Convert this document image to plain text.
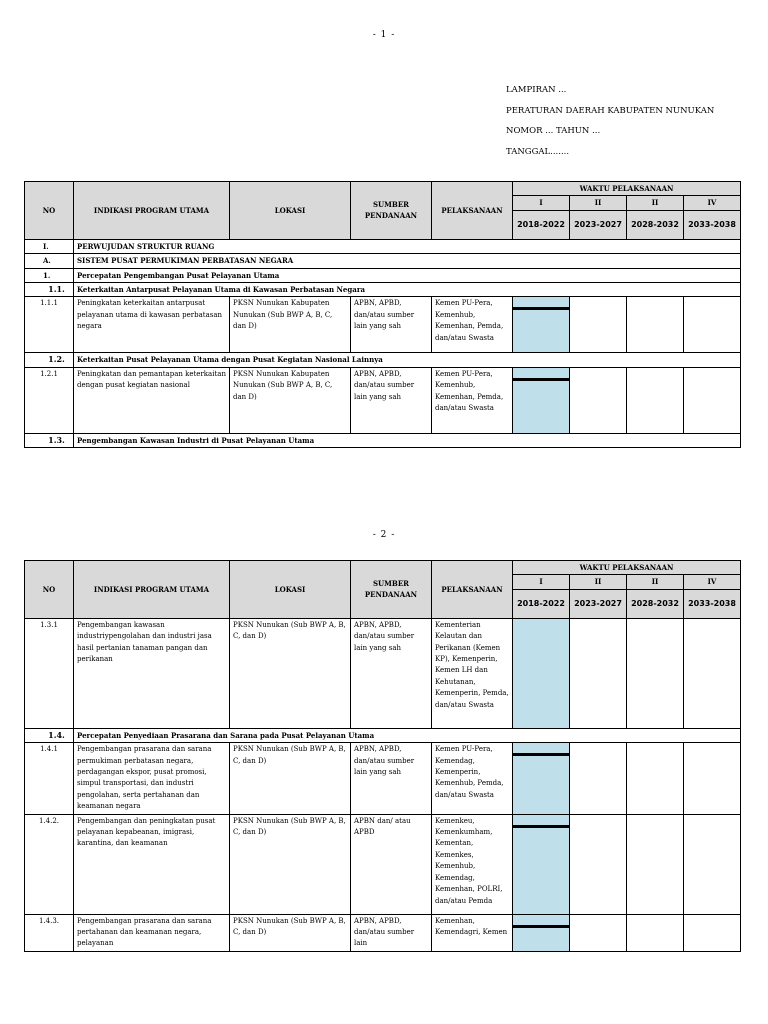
- 1 -
LAMPIRAN ...
PERATURAN DAERAH KABUPATEN NUNUKAN
NOMOR ... TAHUN ...
TANGGAL.......
NO	INDIKASI PROGRAM UTAMA	LOKASI	SUMBER PENDANAAN	PELAKSANAAN	WAKTU PELAKSANAAN			
					I	II	II	IV
					2018-2022	2023-2027	2028-2032	2033-2038
I.	PERWUJUDAN STRUKTUR RUANG							
A.	SISTEM PUSAT PERMUKIMAN PERBATASAN NEGARA							
1.	Percepatan Pengembangan Pusat Pelayanan Utama							
1.1.	Keterkaitan Antarpusat Pelayanan Utama di Kawasan Perbatasan Negara							
1.1.1	Peningkatan keterkaitan antarpusat pelayanan utama di kawasan perbatasan negara	PKSN Nunukan Kabupaten Nunukan (Sub BWP A, B, C, dan D)	APBN, APBD, dan/atau sumber lain yang sah	Kemen PU-Pera, Kemenhub, Kemenhan, Pemda, dan/atau Swasta	

1.2.	Keterkaitan Pusat Pelayanan Utama dengan Pusat Kegiatan Nasional Lainnya							
1.2.1	Peningkatan dan pemantapan keterkaitan dengan pusat kegiatan nasional	PKSN Nunukan Kabupaten Nunukan (Sub BWP A, B, C, dan D)	APBN, APBD, dan/atau sumber lain yang sah	Kemen PU-Pera, Kemenhub, Kemenhan, Pemda, dan/atau Swasta	

1.3.	Pengembangan Kawasan Industri di Pusat Pelayanan Utama							
- 2 -
NO	INDIKASI PROGRAM UTAMA	LOKASI	SUMBER PENDANAAN	PELAKSANAAN	WAKTU PELAKSANAAN			
					I	II	II	IV
					2018-2022	2023-2027	2028-2032	2033-2038
1.3.1	Pengembangan kawasan industriypengolahan dan industri jasa hasil pertanian tanaman pangan dan perikanan	PKSN Nunukan (Sub BWP A, B, C, dan D)	APBN, APBD, dan/atau sumber lain yang sah	Kementerian Kelautan dan Perikanan (Kemen KP), Kemenperin, Kemen LH dan Kehutanan, Kemenperin, Pemda, dan/atau Swasta				
1.4.	Percepatan Penyediaan Prasarana dan Sarana pada Pusat Pelayanan Utama							
1.4.1	Pengembangan prasarana dan sarana permukiman perbatasan negara, perdagangan ekspor, pusat promosi, simpul transportasi, dan industri pengolahan, serta pertahanan dan keamanan negara	PKSN Nunukan (Sub BWP A, B, C, dan D)	APBN, APBD, dan/atau sumber lain yang sah	Kemen PU-Pera, Kemendag, Kemenperin, Kemenhub, Pemda, dan/atau Swasta	

1.4.2.	Pengembangan dan peningkatan pusat pelayanan kepabeanan, imigrasi, karantina, dan keamanan	PKSN Nunukan (Sub BWP A, B, C, dan D)	APBN dan/ atau APBD	Kemenkeu, Kemenkumham, Kementan, Kemenkes, Kemenhub, Kemendag, Kemenhan, POLRI, dan/atau Pemda	

1.4.3.	Pengembangan prasarana dan sarana pertahanan dan keamanan negara, pelayanan	PKSN Nunukan (Sub BWP A, B, C, dan D)	APBN, APBD, dan/atau sumber lain	Kemenhan, Kemendagri, Kemen	
